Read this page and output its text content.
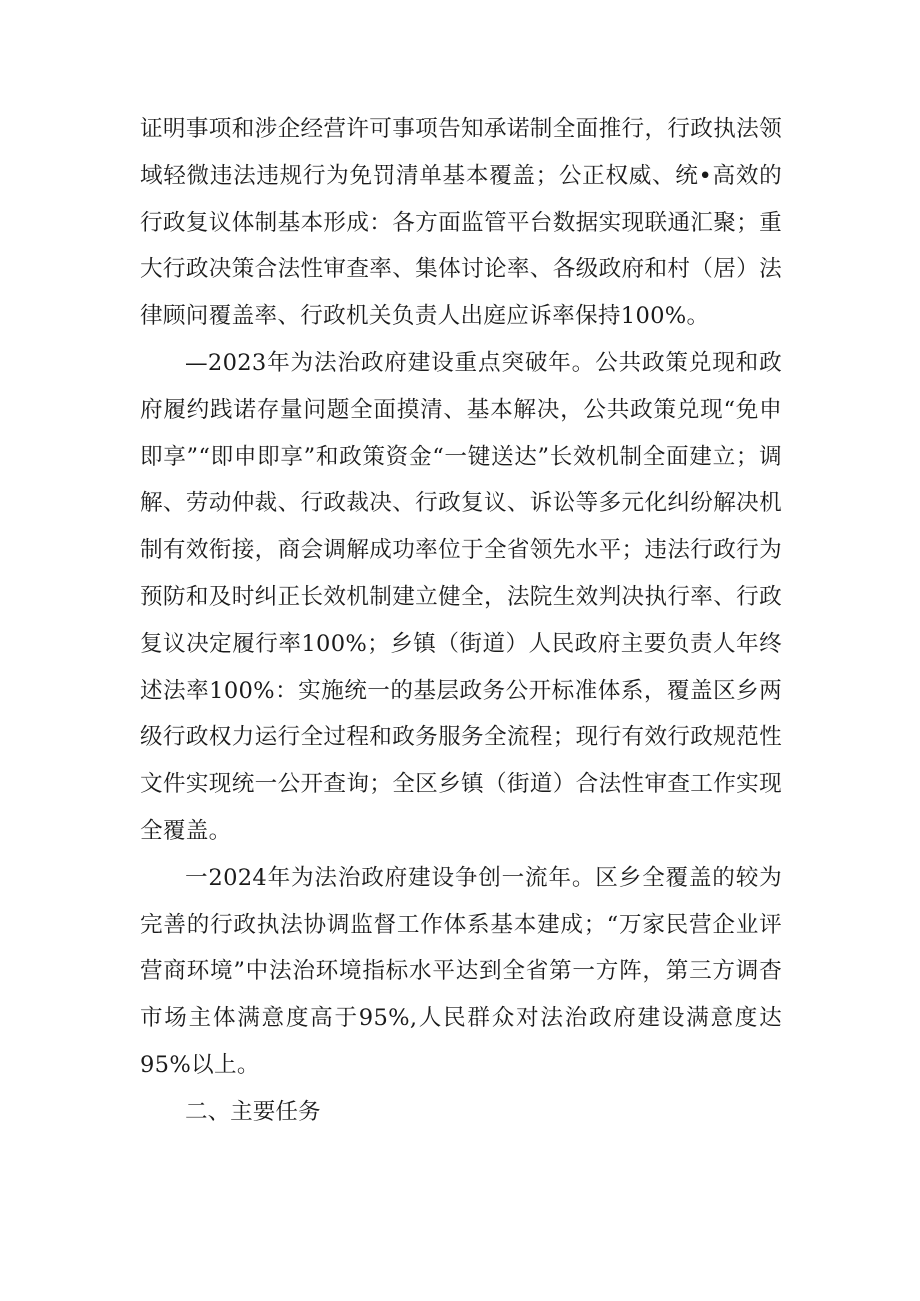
证明事项和涉企经营许可事项告知承诺制全面推行，行政执法领域轻微违法违规行为免罚清单基本覆盖；公正权威、统•高效的行政复议体制基本形成：各方面监管平台数据实现联通汇聚；重大行政决策合法性审查率、集体讨论率、各级政府和村（居）法律顾问覆盖率、行政机关负责人出庭应诉率保持100%。

—2023年为法治政府建设重点突破年。公共政策兑现和政府履约践诺存量问题全面摸清、基本解决，公共政策兑现“免申即享”“即申即享”和政策资金“一键送达”长效机制全面建立；调解、劳动仲裁、行政裁决、行政复议、诉讼等多元化纠纷解决机制有效衔接，商会调解成功率位于全省领先水平；违法行政行为预防和及时纠正长效机制建立健全，法院生效判决执行率、行政复议决定履行率100%；乡镇（街道）人民政府主要负责人年终述法率100%：实施统一的基层政务公开标准体系，覆盖区乡两级行政权力运行全过程和政务服务全流程；现行有效行政规范性文件实现统一公开查询；全区乡镇（街道）合法性审查工作实现全覆盖。

一2024年为法治政府建设争创一流年。区乡全覆盖的较为完善的行政执法协调监督工作体系基本建成；“万家民营企业评营商环境”中法治环境指标水平达到全省第一方阵，第三方调杳市场主体满意度高于95%,人民群众对法治政府建设满意度达95%以上。

二、主要任务
